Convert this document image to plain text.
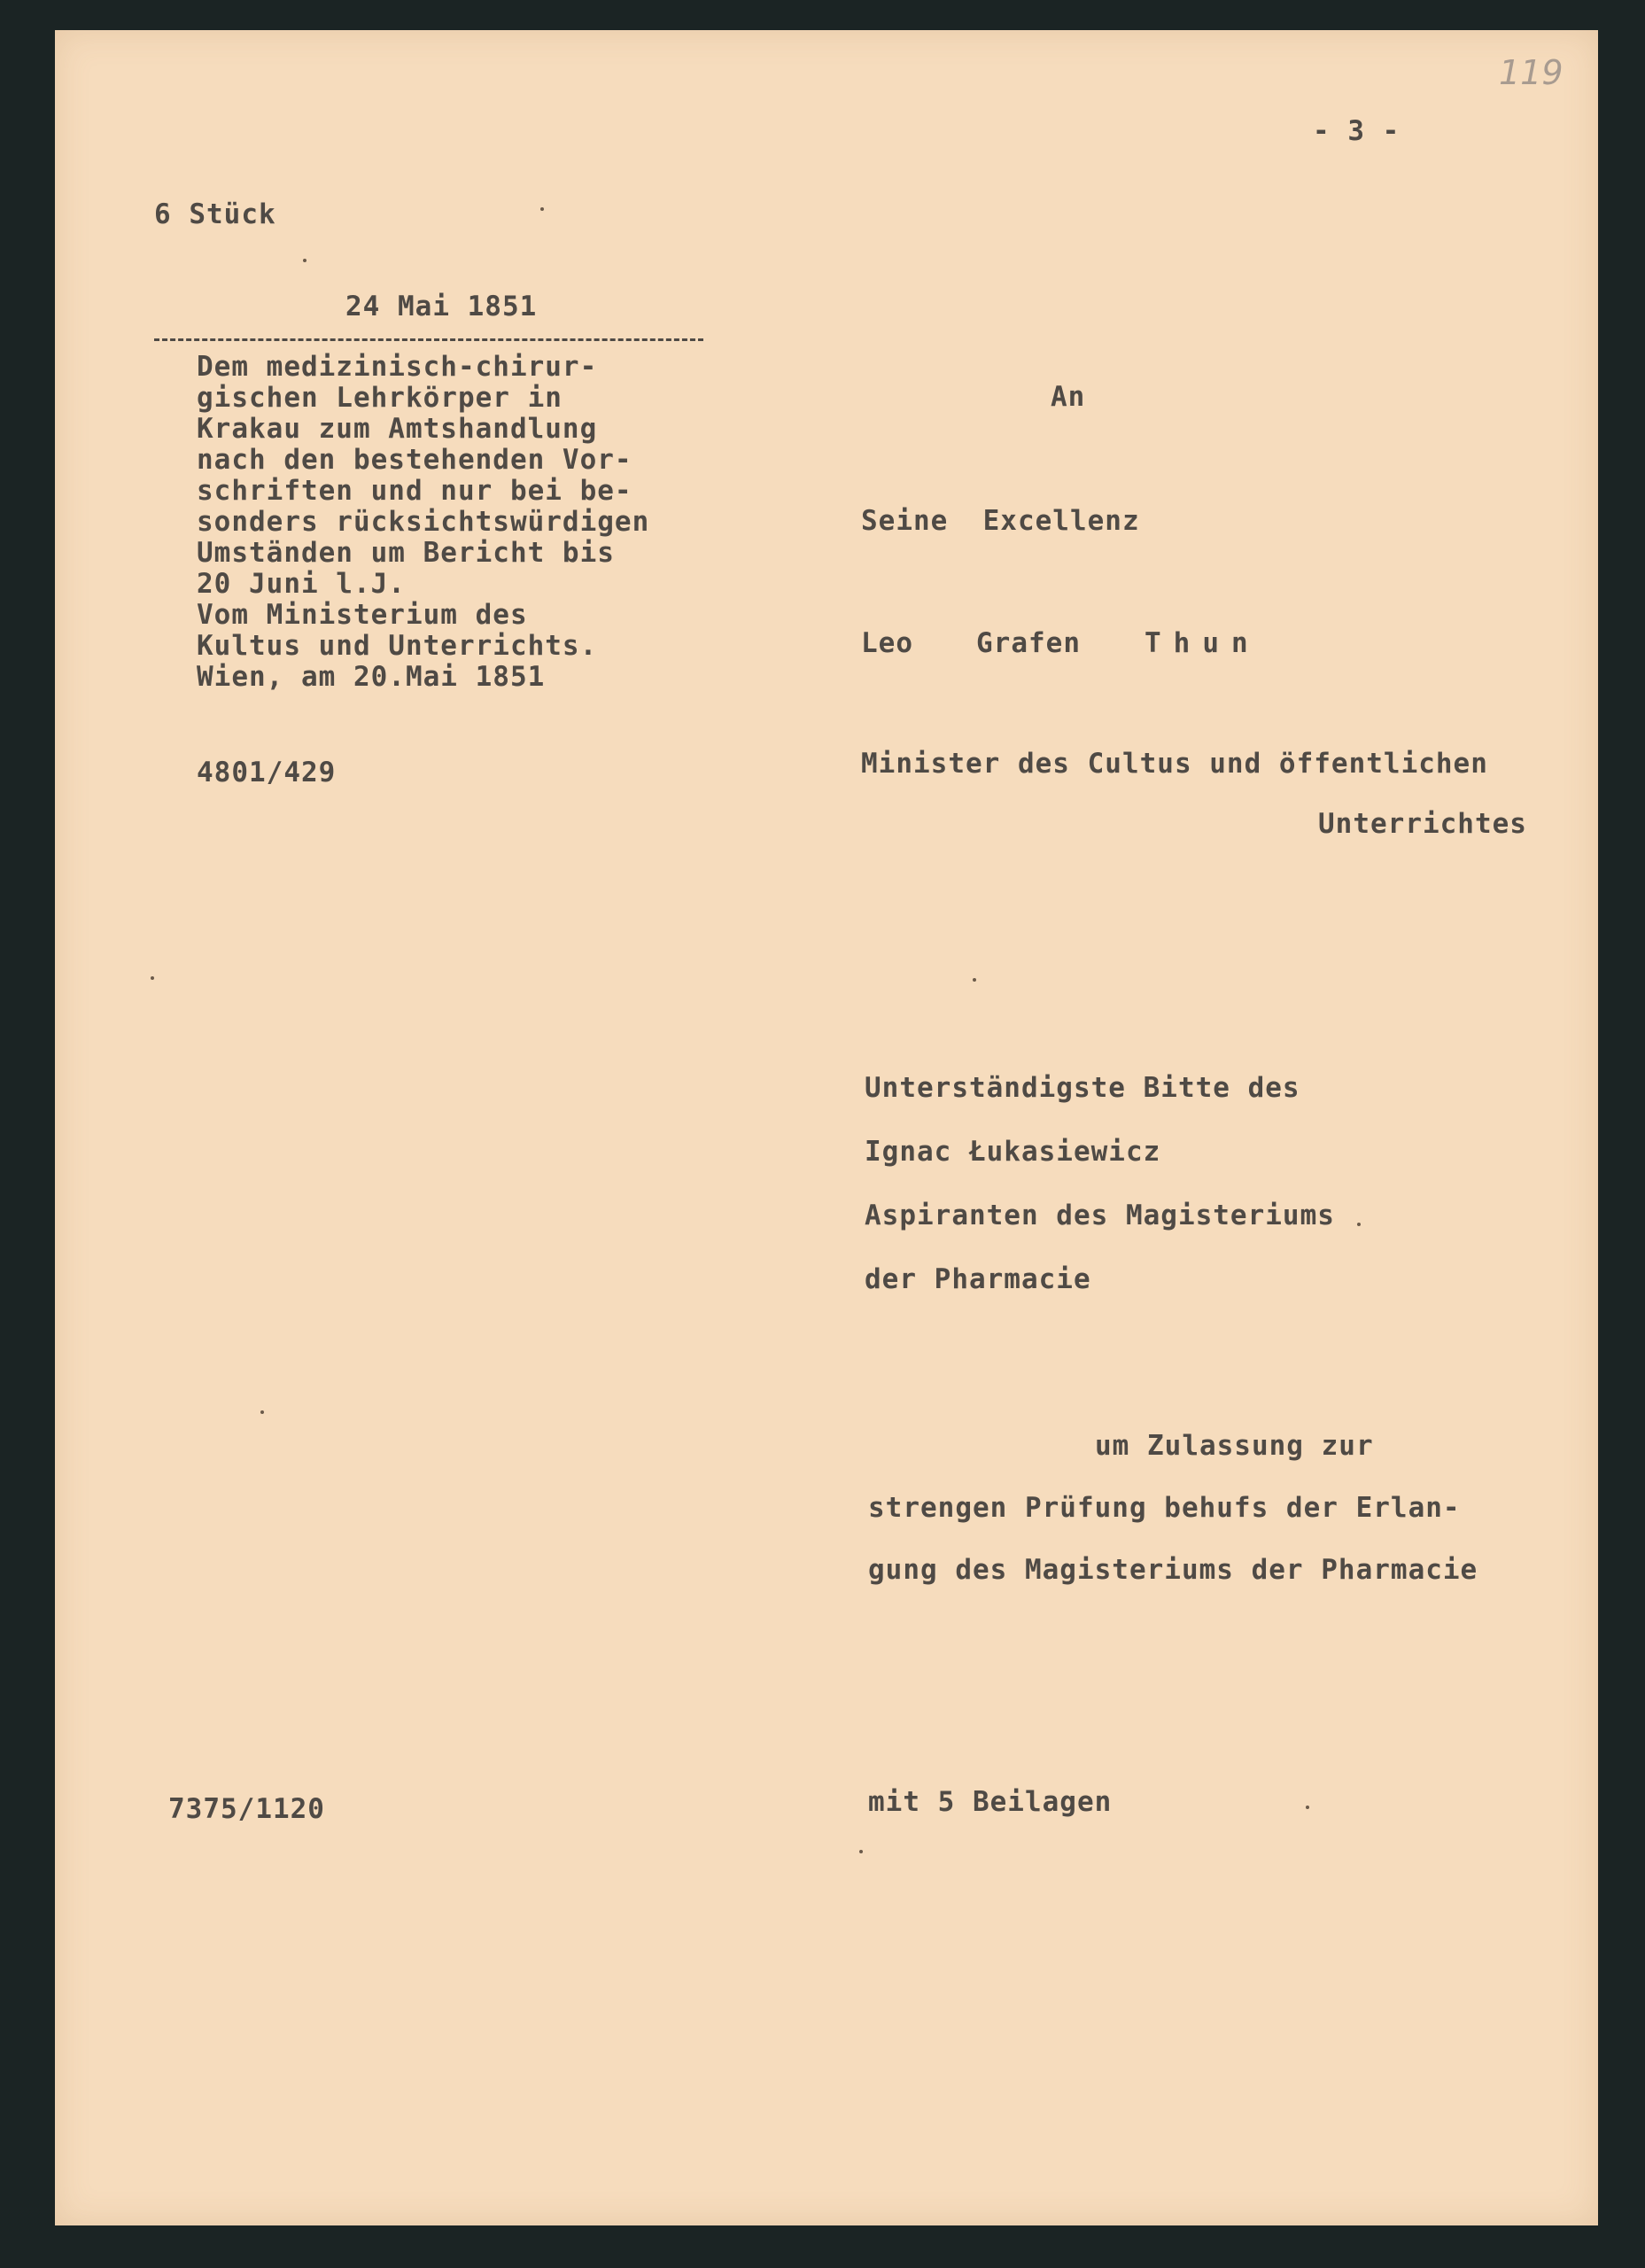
119
- 3 -
6 Stück
24 Mai 1851
Dem medizinisch-chirur-
gischen Lehrkörper in
Krakau zum Amtshandlung
nach den bestehenden Vor-
schriften und nur bei be-
sonders rücksichtswürdigen
Umständen um Bericht bis
20 Juni l.J.
Vom Ministerium des
Kultus und Unterrichts.
Wien, am 20.Mai 1851
4801/429
7375/1120
An
Seine  Excellenz
Leo Grafen Thun
Minister des Cultus und öffentlichen
Unterrichtes
Unterständigste Bitte des
Ignac Łukasiewicz
Aspiranten des Magisteriums
der Pharmacie
um Zulassung zur
strengen Prüfung behufs der Erlan-
gung des Magisteriums der Pharmacie
mit 5 Beilagen
